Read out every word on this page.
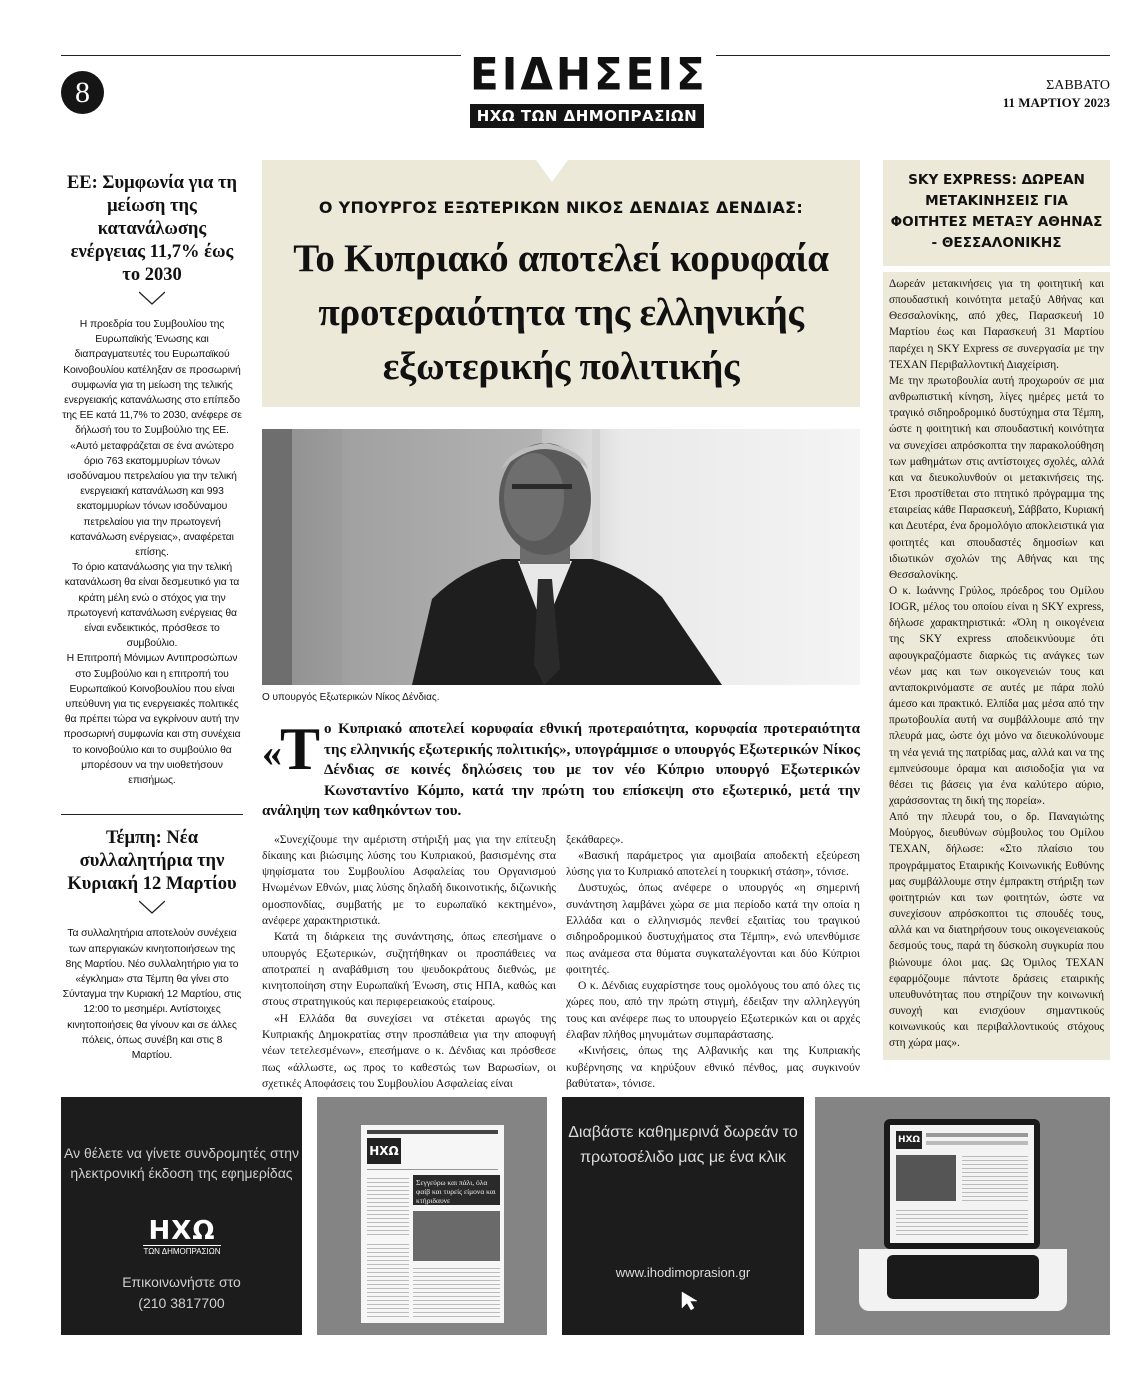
8	ΕΙΔΗΣΕΙΣ
ΗΧΩ ΤΩΝ ΔΗΜΟΠΡΑΣΙΩΝ
ΣΑΒΒΑΤΟ
11 ΜΑΡΤΙΟΥ 2023
ΕΕ: Συμφωνία για τη μείωση της κατανάλωσης ενέργειας 11,7% έως το 2030

Η προεδρία του Συμβουλίου της Ευρωπαϊκής Ένωσης και διαπραγματευτές του Ευρωπαϊκού Κοινοβουλίου κατέληξαν σε προσωρινή συμφωνία για τη μείωση της τελικής ενεργειακής κατανάλωσης στο επίπεδο της ΕΕ κατά 11,7% το 2030, ανέφερε σε δήλωσή του το Συμβούλιο της ΕΕ.

«Αυτό μεταφράζεται σε ένα ανώτερο όριο 763 εκατομμυρίων τόνων ισοδύναμου πετρελαίου για την τελική ενεργειακή κατανάλωση και 993 εκατομμυρίων τόνων ισοδύναμου πετρελαίου για την πρωτογενή κατανάλωση ενέργειας», αναφέρεται επίσης.

Το όριο κατανάλωσης για την τελική κατανάλωση θα είναι δεσμευτικό για τα κράτη μέλη ενώ ο στόχος για την πρωτογενή κατανάλωση ενέργειας θα είναι ενδεικτικός, πρόσθεσε το συμβούλιο.

Η Επιτροπή Μόνιμων Αντιπροσώπων στο Συμβούλιο και η επιτροπή του Ευρωπαϊκού Κοινοβουλίου που είναι υπεύθυνη για τις ενεργειακές πολιτικές θα πρέπει τώρα να εγκρίνουν αυτή την προσωρινή συμφωνία και στη συνέχεια το κοινοβούλιο και το συμβούλιο θα μπορέσουν να την υιοθετήσουν επισήμως.

Τέμπη: Νέα συλλαλητήρια την Κυριακή 12 Μαρτίου

Τα συλλαλητήρια αποτελούν συνέχεια των απεργιακών κινητοποιήσεων της 8ης Μαρτίου. Νέο συλλαλητήριο για το «έγκλημα» στα Τέμπη θα γίνει στο Σύνταγμα την Κυριακή 12 Μαρτίου, στις 12:00 το μεσημέρι. Αντίστοιχες κινητοποιήσεις θα γίνουν και σε άλλες πόλεις, όπως συνέβη και στις 8 Μαρτίου.

Ο ΥΠΟΥΡΓΟΣ ΕΞΩΤΕΡΙΚΩΝ ΝΙΚΟΣ ΔΕΝΔΙΑΣ ΔΕΝΔΙΑΣ:
Το Κυπριακό αποτελεί κορυφαία προτεραιότητα της ελληνικής εξωτερικής πολιτικής
Ο υπουργός Εξωτερικών Νίκος Δένδιας.
«
Τ ο Κυπριακό αποτελεί κορυφαία εθνική προτεραιότητα, κορυφαία προτεραιότητα της ελληνικής εξωτερικής πολιτικής», υπογράμμισε ο υπουργός Εξωτερικών Νίκος Δένδιας σε κοινές δηλώσεις του με τον νέο Κύπριο υπουργό Εξωτερικών Κωνσταντίνο Κόμπο, κατά την πρώτη του επίσκεψη στο εξωτερικό, μετά την ανάληψη των καθηκόντων του.

«Συνεχίζουμε την αμέριστη στήριξή μας για την επίτευξη δίκαιης και βιώσιμης λύσης του Κυπριακού, βασισμένης στα ψηφίσματα του Συμβουλίου Ασφαλείας του Οργανισμού Ηνωμένων Εθνών, μιας λύσης δηλαδή δικοινοτικής, διζωνικής ομοσπονδίας, συμβατής με το ευρωπαϊκό κεκτημένο», ανέφερε χαρακτηριστικά.

Κατά τη διάρκεια της συνάντησης, όπως επεσήμανε ο υπουργός Εξωτερικών, συζητήθηκαν οι προσπάθειες να αποτραπεί η αναβάθμιση του ψευδοκράτους διεθνώς, με κινητοποίηση στην Ευρωπαϊκή Ένωση, στις ΗΠΑ, καθώς και στους στρατηγικούς και περιφερειακούς εταίρους.

«Η Ελλάδα θα συνεχίσει να στέκεται αρωγός της Κυπριακής Δημοκρατίας στην προσπάθεια για την αποφυγή νέων τετελεσμένων», επεσήμανε ο κ. Δένδιας και πρόσθεσε πως «άλλωστε, ως προς το καθεστώς των Βαρωσίων, οι σχετικές Αποφάσεις του Συμβουλίου Ασφαλείας είναι

ξεκάθαρες».

«Βασική παράμετρος για αμοιβαία αποδεκτή εξεύρεση λύσης για το Κυπριακό αποτελεί η τουρκική στάση», τόνισε.

Δυστυχώς, όπως ανέφερε ο υπουργός «η σημερινή συνάντηση λαμβάνει χώρα σε μια περίοδο κατά την οποία η Ελλάδα και ο ελληνισμός πενθεί εξαιτίας του τραγικού σιδηροδρομικού δυστυχήματος στα Τέμπη», ενώ υπενθύμισε πως ανάμεσα στα θύματα συγκαταλέγονται και δύο Κύπριοι φοιτητές.

Ο κ. Δένδιας ευχαρίστησε τους ομολόγους του από όλες τις χώρες που, από την πρώτη στιγμή, έδειξαν την αλληλεγγύη τους και ανέφερε πως το υπουργείο Εξωτερικών και οι αρχές έλαβαν πλήθος μηνυμάτων συμπαράστασης.

«Κινήσεις, όπως της Αλβανικής και της Κυπριακής κυβέρνησης να κηρύξουν εθνικό πένθος, μας συγκινούν βαθύτατα», τόνισε.

SKY EXPRESS: ΔΩΡΕΑΝ ΜΕΤΑΚΙΝΗΣΕΙΣ ΓΙΑ ΦΟΙΤΗΤΕΣ ΜΕΤΑΞΥ ΑΘΗΝΑΣ - ΘΕΣΣΑΛΟΝΙΚΗΣ

Δωρεάν μετακινήσεις για τη φοιτητική και σπουδαστική κοινότητα μεταξύ Αθήνας και Θεσσαλονίκης, από χθες, Παρασκευή 10 Μαρτίου έως και Παρασκευή 31 Μαρτίου παρέχει η SKY Express σε συνεργασία με την ΤΕΧΑΝ Περιβαλλοντική Διαχείριση.

Με την πρωτοβουλία αυτή προχωρούν σε μια ανθρωπιστική κίνηση, λίγες ημέρες μετά το τραγικό σιδηροδρομικό δυστύχημα στα Τέμπη, ώστε η φοιτητική και σπουδαστική κοινότητα να συνεχίσει απρόσκοπτα την παρακολούθηση των μαθημάτων στις αντίστοιχες σχολές, αλλά και να διευκολυνθούν οι μετακινήσεις της. Έτσι προστίθεται στο πτητικό πρόγραμμα της εταιρείας κάθε Παρασκευή, Σάββατο, Κυριακή και Δευτέρα, ένα δρομολόγιο αποκλειστικά για φοιτητές και σπουδαστές δημοσίων και ιδιωτικών σχολών της Αθήνας και της Θεσσαλονίκης.

Ο κ. Ιωάννης Γρύλος, πρόεδρος του Ομίλου IOGR, μέλος του οποίου είναι η SKY express, δήλωσε χαρακτηριστικά: «Όλη η οικογένεια της SKY express αποδεικνύουμε ότι αφουγκραζόμαστε διαρκώς τις ανάγκες των νέων μας και των οικογενειών τους και ανταποκρινόμαστε σε αυτές με πάρα πολύ άμεσο και πρακτικό. Ελπίδα μας μέσα από την πρωτοβουλία αυτή να συμβάλλουμε από την πλευρά μας, ώστε όχι μόνο να διευκολύνουμε τη νέα γενιά της πατρίδας μας, αλλά και να της εμπνεύσουμε όραμα και αισιοδοξία για να θέσει τις βάσεις για ένα καλύτερο αύριο, χαράσσοντας τη δική της πορεία».

Από την πλευρά του, ο δρ. Παναγιώτης Μούργος, διευθύνων σύμβουλος του Ομίλου ΤΕΧΑΝ, δήλωσε: «Στο πλαίσιο του προγράμματος Εταιρικής Κοινωνικής Ευθύνης μας συμβάλλουμε στην έμπρακτη στήριξη των φοιτητριών και των φοιτητών, ώστε να συνεχίσουν απρόσκοπτοι τις σπουδές τους, αλλά και να διατηρήσουν τους οικογενειακούς δεσμούς τους, παρά τη δύσκολη συγκυρία που βιώνουμε όλοι μας. Ως Όμιλος ΤΕΧΑΝ εφαρμόζουμε πάντοτε δράσεις εταιρικής υπευθυνότητας που στηρίζουν την κοινωνική συνοχή και ενισχύουν σημαντικούς κοινωνικούς και περιβαλλοντικούς στόχους στη χώρα μας».

Αν θέλετε να γίνετε συνδρομητές στην ηλεκτρονική έκδοση της εφημερίδας
ΗΧΩ
ΤΩΝ ΔΗΜΟΠΡΑΣΙΩΝ
Επικοινωνήστε στο
(210 3817700
ΗΧΩ
Σεγγεύρω και πάλι, όλα φαίβ και τυρείς είμονα και κτήριδαυνε
Διαβάστε καθημερινά δωρεάν το πρωτοσέλιδο μας με ένα κλικ
www.ihodimoprasion.gr
ΗΧΩ
